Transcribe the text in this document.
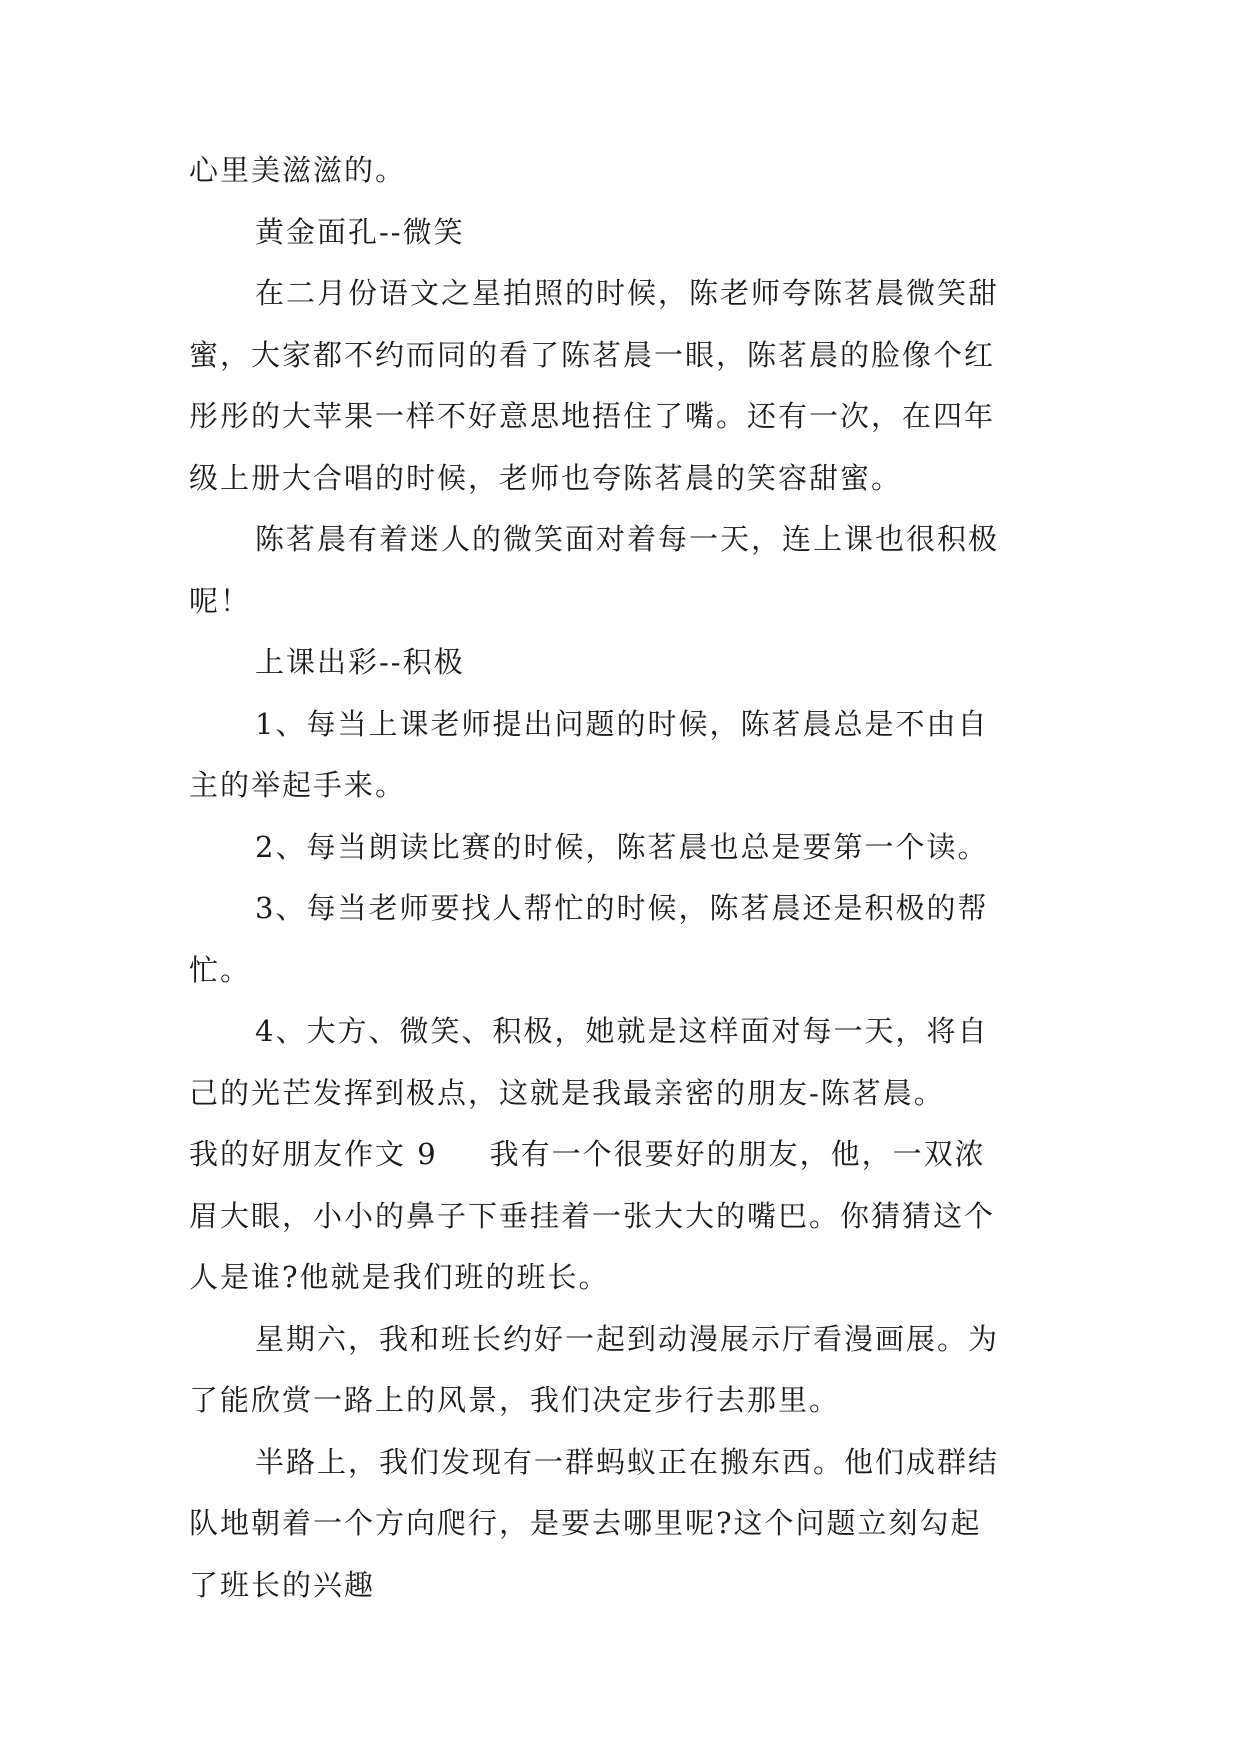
心里美滋滋的。
黄金面孔--微笑
在二月份语文之星拍照的时候，陈老师夸陈茗晨微笑甜
蜜，大家都不约而同的看了陈茗晨一眼，陈茗晨的脸像个红
彤彤的大苹果一样不好意思地捂住了嘴。还有一次，在四年
级上册大合唱的时候，老师也夸陈茗晨的笑容甜蜜。
陈茗晨有着迷人的微笑面对着每一天，连上课也很积极
呢！
上课出彩--积极
1、每当上课老师提出问题的时候，陈茗晨总是不由自
主的举起手来。
2、每当朗读比赛的时候，陈茗晨也总是要第一个读。
3、每当老师要找人帮忙的时候，陈茗晨还是积极的帮
忙。
4、大方、微笑、积极，她就是这样面对每一天，将自
己的光芒发挥到极点，这就是我最亲密的朋友-陈茗晨。
我的好朋友作文 9 我有一个很要好的朋友，他，一双浓
眉大眼，小小的鼻子下垂挂着一张大大的嘴巴。你猜猜这个
人是谁?他就是我们班的班长。
星期六，我和班长约好一起到动漫展示厅看漫画展。为
了能欣赏一路上的风景，我们决定步行去那里。
半路上，我们发现有一群蚂蚁正在搬东西。他们成群结
队地朝着一个方向爬行，是要去哪里呢?这个问题立刻勾起
了班长的兴趣
